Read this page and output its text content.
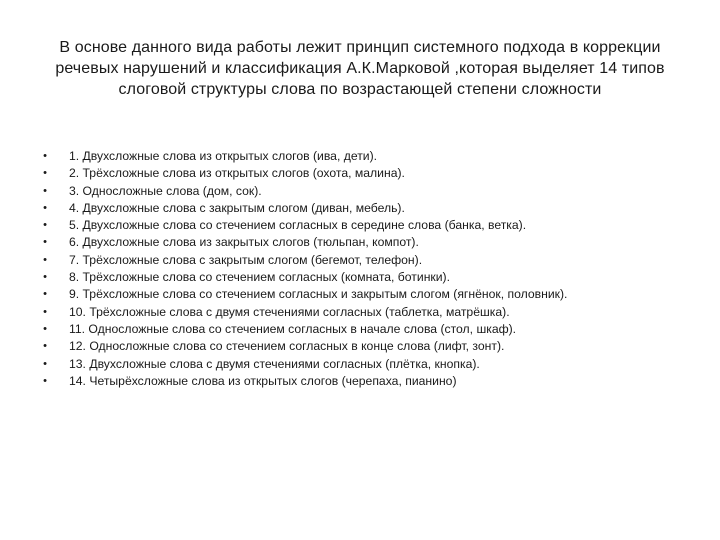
В основе данного вида работы лежит принцип системного подхода в коррекции
речевых нарушений и классификация А.К.Марковой ,которая выделяет 14 типов
слоговой структуры слова по возрастающей степени сложности
• 1. Двухсложные слова из открытых слогов (ива, дети).
• 2. Трёхсложные слова из открытых слогов (охота, малина).
• 3. Односложные слова (дом, сок).
• 4. Двухсложные слова с закрытым слогом (диван, мебель).
• 5. Двухсложные слова со стечением согласных в середине слова (банка, ветка).
• 6. Двухсложные слова из закрытых слогов (тюльпан, компот).
• 7. Трёхсложные слова с закрытым слогом (бегемот, телефон).
• 8. Трёхсложные слова со стечением согласных (комната, ботинки).
• 9. Трёхсложные слова со стечением согласных и закрытым слогом (ягнёнок, половник).
• 10. Трёхсложные слова с двумя стечениями согласных (таблетка, матрёшка).
• 11. Односложные слова со стечением согласных в начале слова (стол, шкаф).
• 12. Односложные слова со стечением согласных в конце слова (лифт, зонт).
• 13. Двухсложные слова с двумя стечениями согласных (плётка, кнопка).
• 14. Четырёхсложные слова из открытых слогов (черепаха, пианино)
